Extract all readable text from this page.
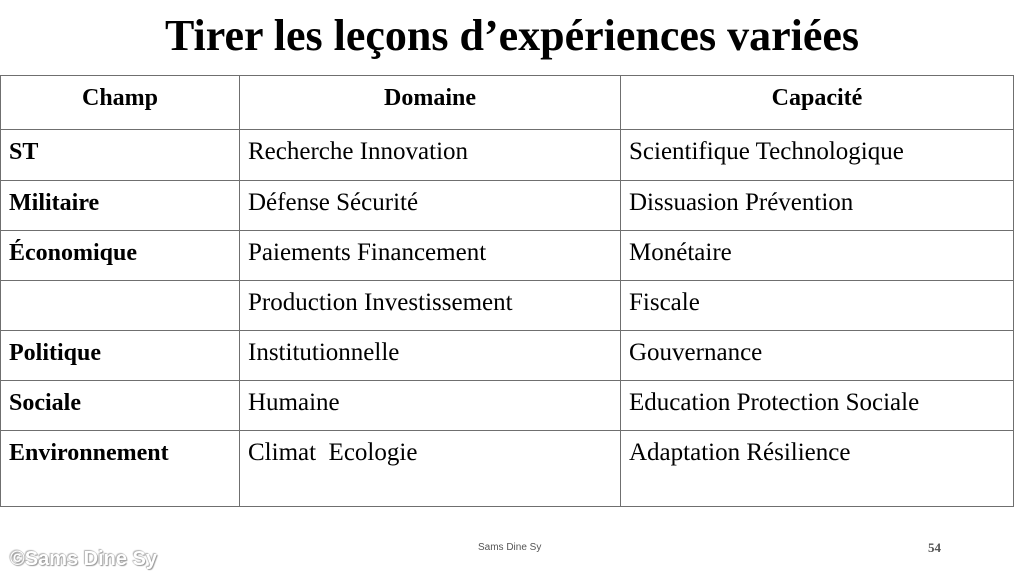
Tirer les leçons d’expériences variées
Champ	Domaine	Capacité
ST	Recherche Innovation	Scientifique Technologique
Militaire	Défense Sécurité	Dissuasion Prévention
Économique	Paiements Financement	Monétaire
	Production Investissement	Fiscale
Politique	Institutionnelle	Gouvernance
Sociale	Humaine	Education Protection Sociale
Environnement	Climat  Ecologie	Adaptation Résilience
Sams Dine Sy	54
©Sams Dine Sy
